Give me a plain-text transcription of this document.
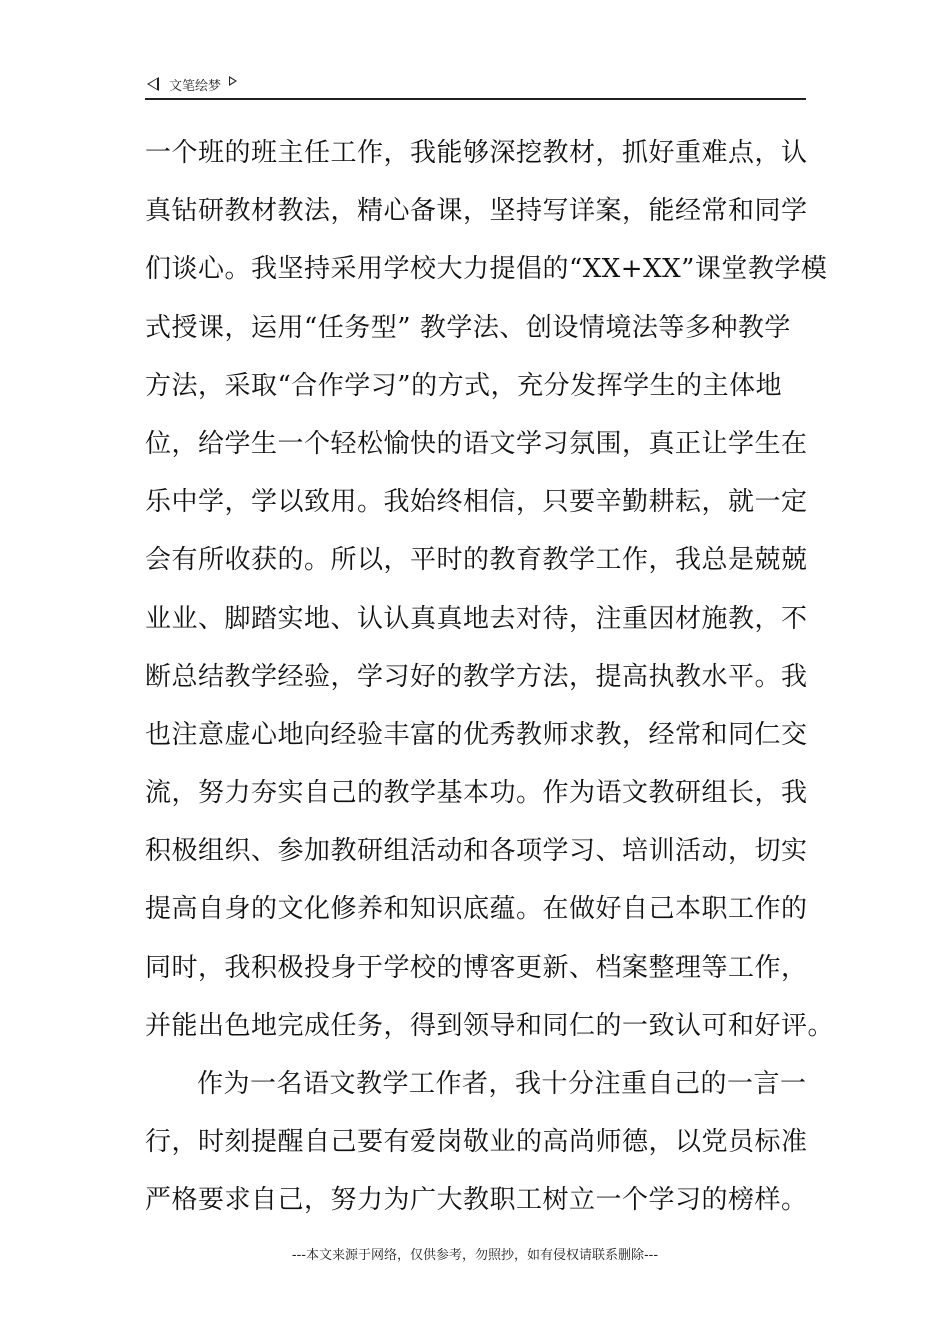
文笔绘梦
一个班的班主任工作，我能够深挖教材，抓好重难点，认
真钻研教材教法，精心备课，坚持写详案，能经常和同学
们谈心。我坚持采用学校大力提倡的“XX+XX”课堂教学模
式授课，运用“任务型” 教学法、创设情境法等多种教学
方法，采取“合作学习”的方式，充分发挥学生的主体地
位，给学生一个轻松愉快的语文学习氛围，真正让学生在
乐中学，学以致用。我始终相信，只要辛勤耕耘，就一定
会有所收获的。所以，平时的教育教学工作，我总是兢兢
业业、脚踏实地、认认真真地去对待，注重因材施教，不
断总结教学经验，学习好的教学方法，提高执教水平。我
也注意虚心地向经验丰富的优秀教师求教，经常和同仁交
流，努力夯实自己的教学基本功。作为语文教研组长，我
积极组织、参加教研组活动和各项学习、培训活动，切实
提高自身的文化修养和知识底蕴。在做好自己本职工作的
同时，我积极投身于学校的博客更新、档案整理等工作，
并能出色地完成任务，得到领导和同仁的一致认可和好评。
作为一名语文教学工作者，我十分注重自己的一言一
行，时刻提醒自己要有爱岗敬业的高尚师德，以党员标准
严格要求自己，努力为广大教职工树立一个学习的榜样。
---本文来源于网络，仅供参考，勿照抄，如有侵权请联系删除---
